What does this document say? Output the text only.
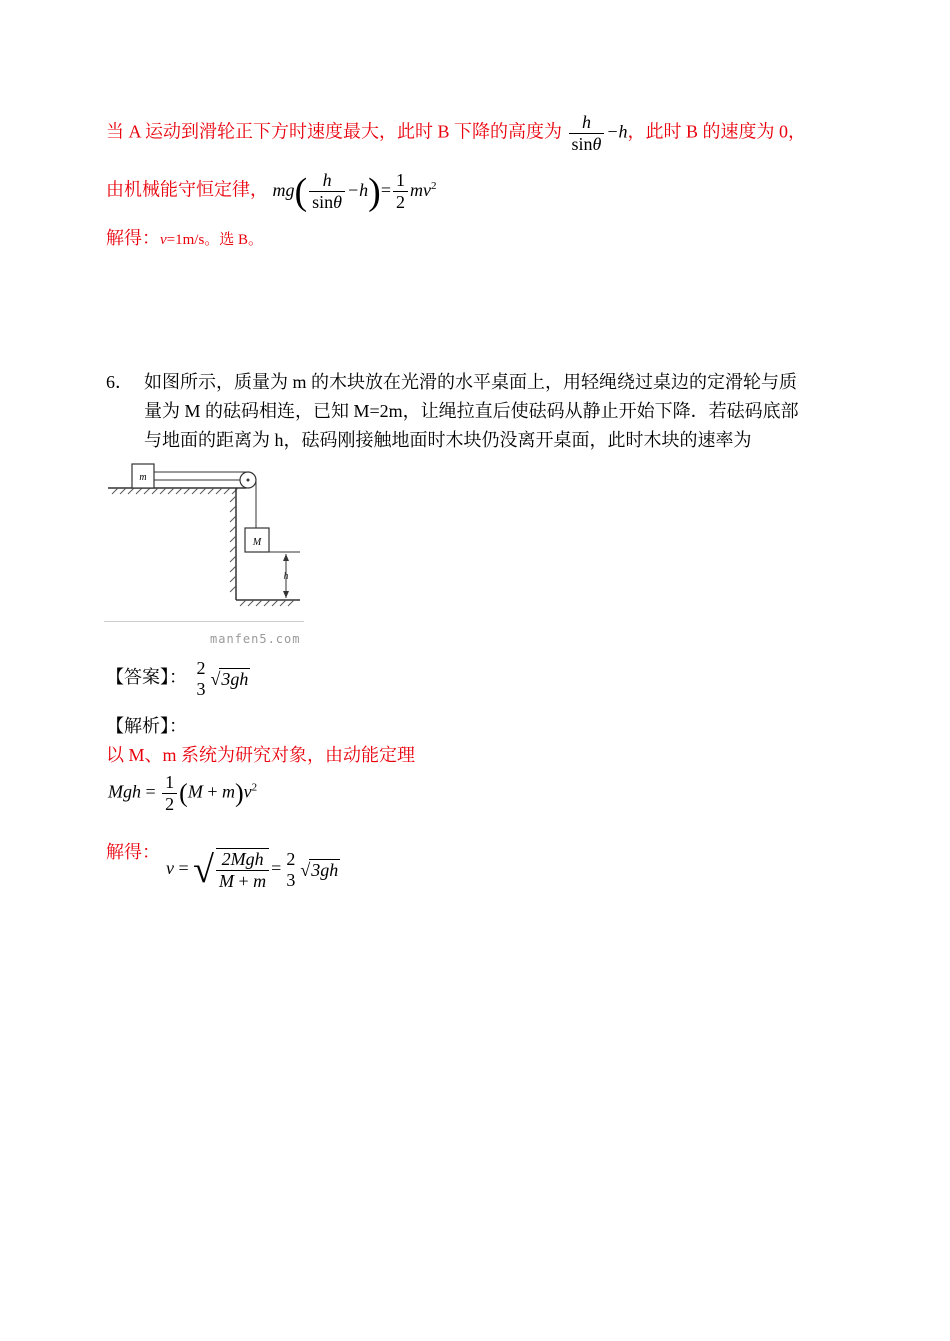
当 A 运动到滑轮正下方时速度最大，此时 B 下降的高度为 $\frac{h}{\sin\theta} -h$，此时 B 的速度为 0，
由机械能守恒定律， $mg( \frac{h}{\sin\theta} -h)= \frac{1}{2} mv^2$
解得：v=1m/s。选 B。
6． 如图所示，质量为 m 的木块放在光滑的水平桌面上，用轻绳绕过桌边的定滑轮与质
量为 M 的砝码相连，已知 M=2m，让绳拉直后使砝码从静止开始下降．若砝码底部
与地面的距离为 h，砝码刚接触地面时木块仍没离开桌面，此时木块的速率为
m
M
h
manfen5.com
【答案】： 2
3 √3gh
【解析】：
以 M、m 系统为研究对象，由动能定理
Mgh = $\frac{1}{2} (M + m)v^2$
解得：
v = √ $\frac{\text{2Mgh}}{M + m} = 2$
3 √3gh
